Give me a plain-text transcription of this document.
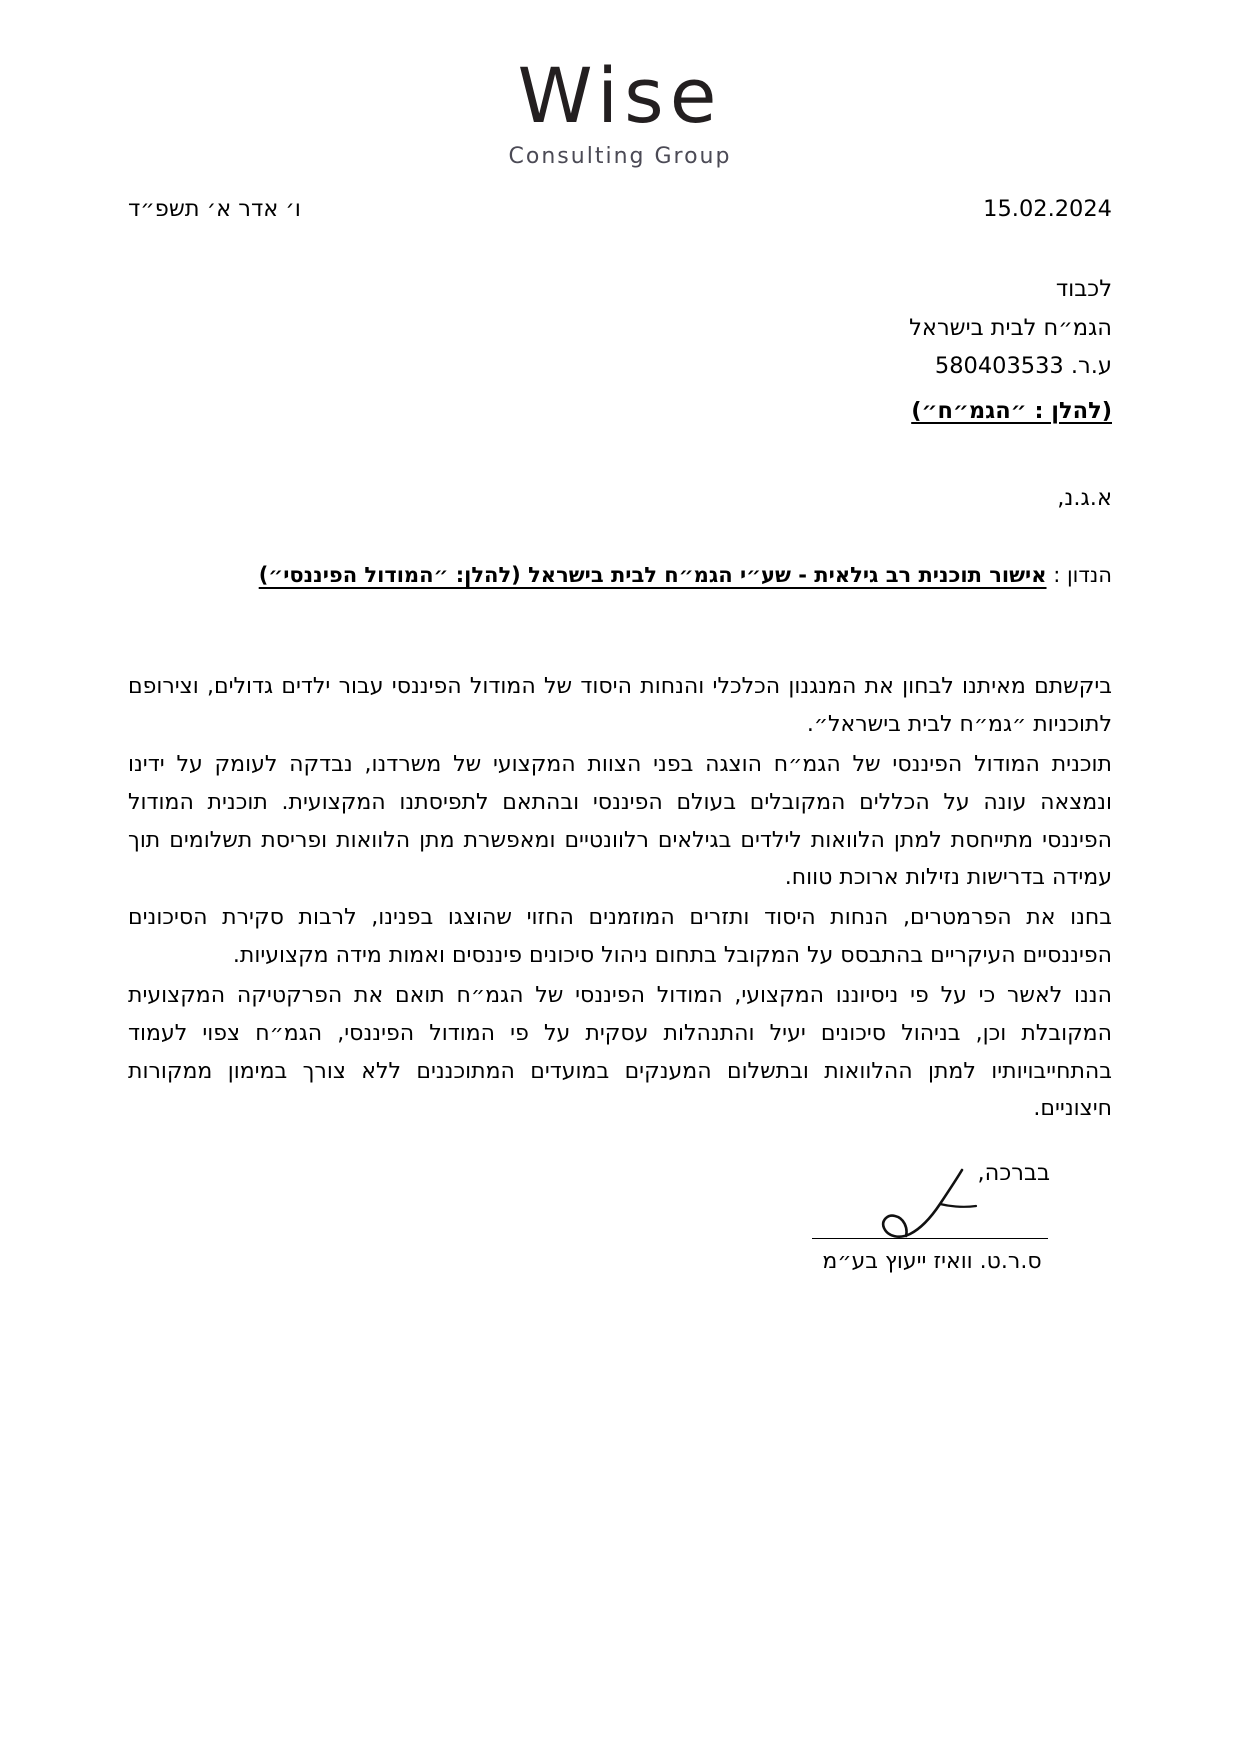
Wise
Consulting Group
15.02.2024
ו׳ אדר א׳ תשפ״ד
לכבוד
הגמ״ח לבית בישראל
ע.ר. 580403533
(להלן : ״הגמ״ח״)
א.ג.נ,
הנדון : אישור תוכנית רב גילאית - שע״י הגמ״ח לבית בישראל (להלן: ״המודול הפיננסי״)

ביקשתם מאיתנו לבחון את המנגנון הכלכלי והנחות היסוד של המודול הפיננסי עבור ילדים גדולים, וצירופם לתוכניות ״גמ״ח לבית בישראל״.

תוכנית המודול הפיננסי של הגמ״ח הוצגה בפני הצוות המקצועי של משרדנו, נבדקה לעומק על ידינו ונמצאה עונה על הכללים המקובלים בעולם הפיננסי ובהתאם לתפיסתנו המקצועית. תוכנית המודול הפיננסי מתייחסת למתן הלוואות לילדים בגילאים רלוונטיים ומאפשרת מתן הלוואות ופריסת תשלומים תוך עמידה בדרישות נזילות ארוכת טווח.

בחנו את הפרמטרים, הנחות היסוד ותזרים המוזמנים החזוי שהוצגו בפנינו, לרבות סקירת הסיכונים הפיננסיים העיקריים בהתבסס על המקובל בתחום ניהול סיכונים פיננסים ואמות מידה מקצועיות.

הננו לאשר כי על פי ניסיוננו המקצועי, המודול הפיננסי של הגמ״ח תואם את הפרקטיקה המקצועית המקובלת וכן, בניהול סיכונים יעיל והתנהלות עסקית על פי המודול הפיננסי, הגמ״ח צפוי לעמוד בהתחייבויותיו למתן ההלוואות ובתשלום המענקים במועדים המתוכננים ללא צורך במימון ממקורות חיצוניים.

בברכה,
ס.ר.ט. וואיז ייעוץ בע״מ
